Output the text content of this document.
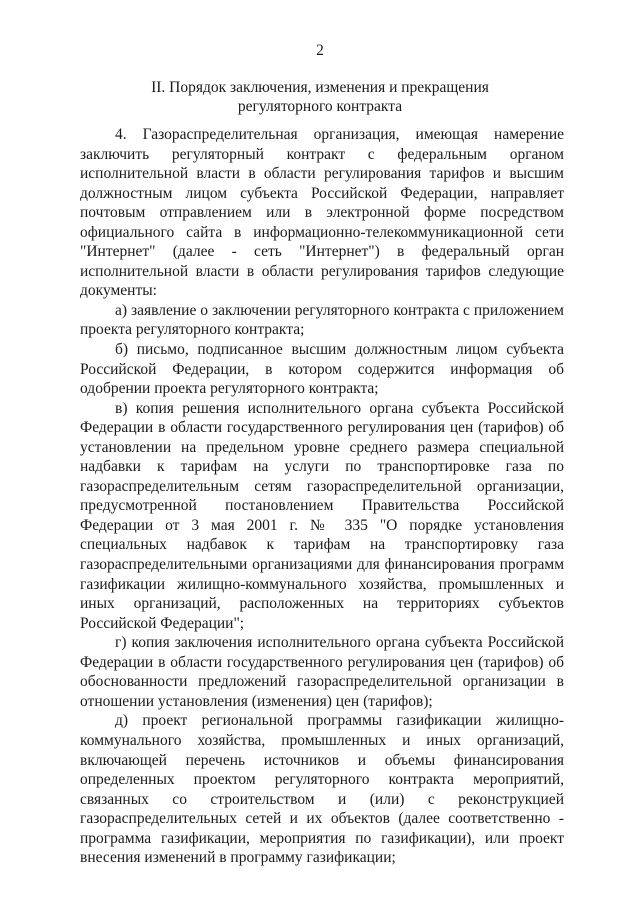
2
II. Порядок заключения, изменения и прекращения
регуляторного контракта

4. Газораспределительная организация, имеющая намерение заключить регуляторный контракт с федеральным органом исполнительной власти в области регулирования тарифов и высшим должностным лицом субъекта Российской Федерации, направляет почтовым отправлением или в электронной форме посредством официального сайта в информационно-телекоммуникационной сети "Интернет" (далее - сеть "Интернет") в федеральный орган исполнительной власти в области регулирования тарифов следующие документы:

а) заявление о заключении регуляторного контракта с приложением проекта регуляторного контракта;

б) письмо, подписанное высшим должностным лицом субъекта Российской Федерации, в котором содержится информация об одобрении проекта регуляторного контракта;

в) копия решения исполнительного органа субъекта Российской Федерации в области государственного регулирования цен (тарифов) об установлении на предельном уровне среднего размера специальной надбавки к тарифам на услуги по транспортировке газа по газораспределительным сетям газораспределительной организации, предусмотренной постановлением Правительства Российской Федерации от 3 мая 2001 г. № 335 "О порядке установления специальных надбавок к тарифам на транспортировку газа газораспределительными организациями для финансирования программ газификации жилищно-коммунального хозяйства, промышленных и иных организаций, расположенных на территориях субъектов Российской Федерации";

г) копия заключения исполнительного органа субъекта Российской Федерации в области государственного регулирования цен (тарифов) об обоснованности предложений газораспределительной организации в отношении установления (изменения) цен (тарифов);

д) проект региональной программы газификации жилищно-коммунального хозяйства, промышленных и иных организаций, включающей перечень источников и объемы финансирования определенных проектом регуляторного контракта мероприятий, связанных со строительством и (или) с реконструкцией газораспределительных сетей и их объектов (далее соответственно - программа газификации, мероприятия по газификации), или проект внесения изменений в программу газификации;
